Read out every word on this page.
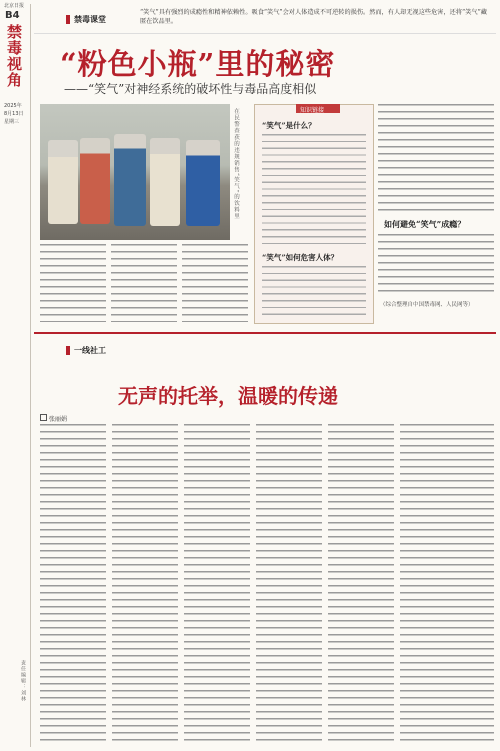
北京日报
B4
禁毒视角
2025年
8月13日
星期三
禁毒课堂
“笑气”具有强烈的成瘾性和精神依赖性。吸食“笑气”会对人体造成不可逆转的损伤。然而，有人却无视这些危害，还将“笑气”藏匿在饮品里。
“粉色小瓶”里的秘密
——“笑气”对神经系统的破坏性与毒品高度相似
在民警查获的违规销售“笑气”的饮料里	知识链接
“笑气”是什么？
“笑气”如何危害人体？
如何避免“笑气”成瘾？
（综合整理自中国禁毒网、人民网等）
一线社工
无声的托举，温暖的传递
张丽娟
责任编辑：刘林
